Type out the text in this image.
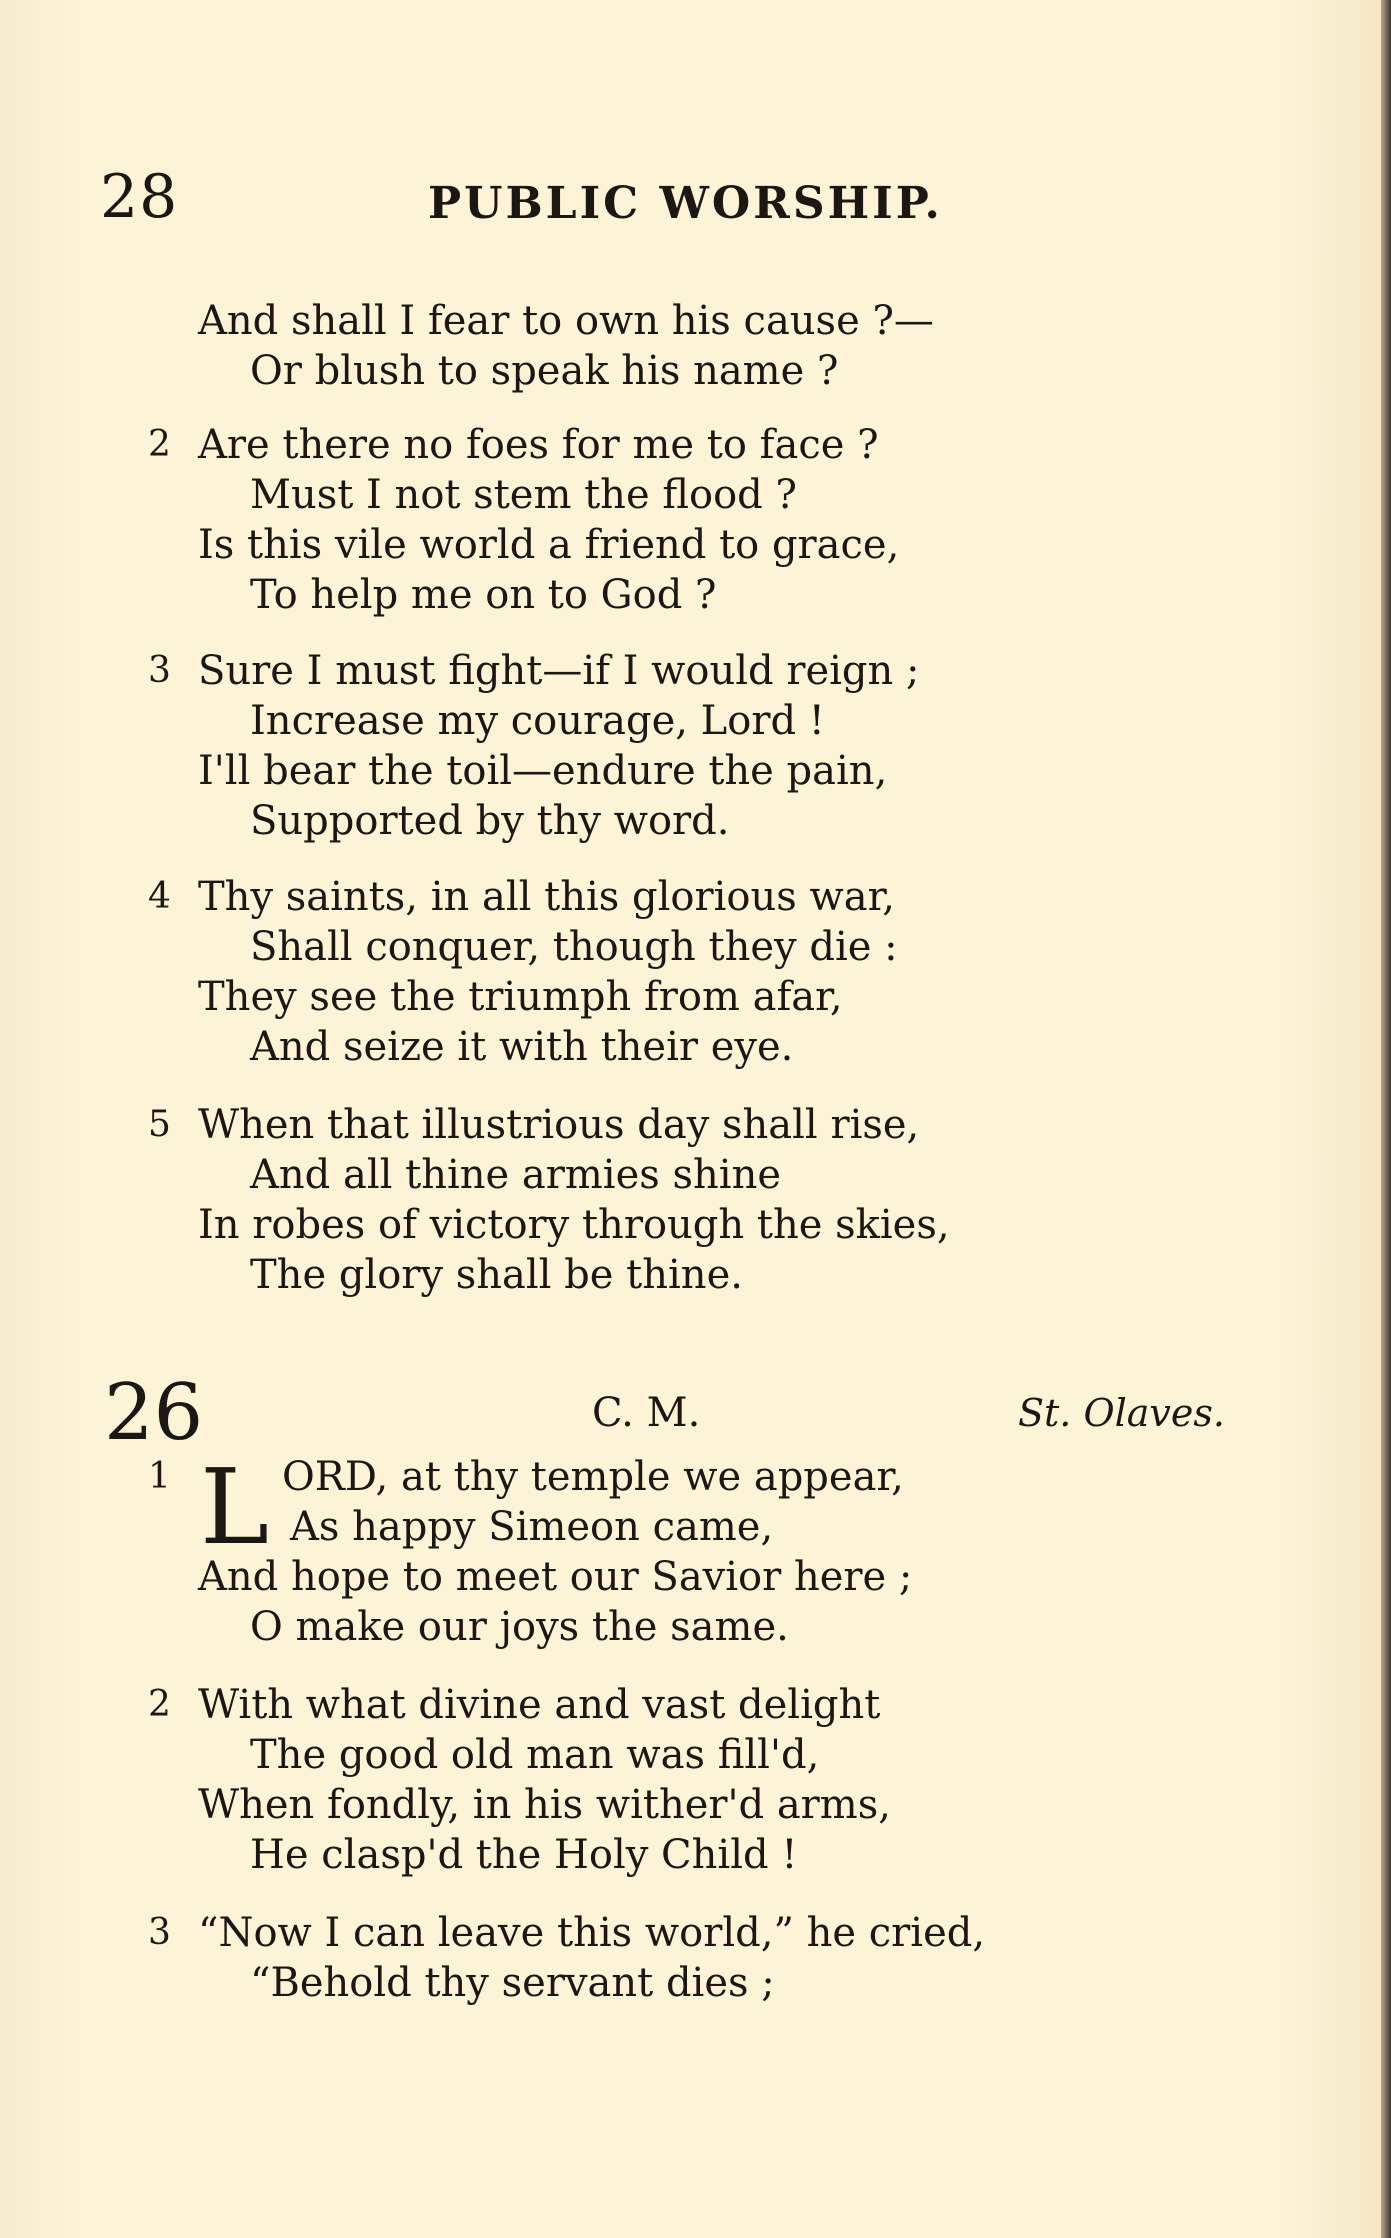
28	PUBLIC WORSHIP.
And shall I fear to own his cause ?—
Or blush to speak his name ?
2 Are there no foes for me to face ?
Must I not stem the flood ?
Is this vile world a friend to grace,
To help me on to God ?
3 Sure I must fight—if I would reign ;
Increase my courage, Lord !
I'll bear the toil—endure the pain,
Supported by thy word.
4 Thy saints, in all this glorious war,
Shall conquer, though they die :
They see the triumph from afar,
And seize it with their eye.
5 When that illustrious day shall rise,
And all thine armies shine
In robes of victory through the skies,
The glory shall be thine.
26	C. M.	St. Olaves.
1 L ORD, at thy temple we appear,
As happy Simeon came,
And hope to meet our Savior here ;
O make our joys the same.
2 With what divine and vast delight
The good old man was fill'd,
When fondly, in his wither'd arms,
He clasp'd the Holy Child !
3 “Now I can leave this world,” he cried,
“Behold thy servant dies ;
